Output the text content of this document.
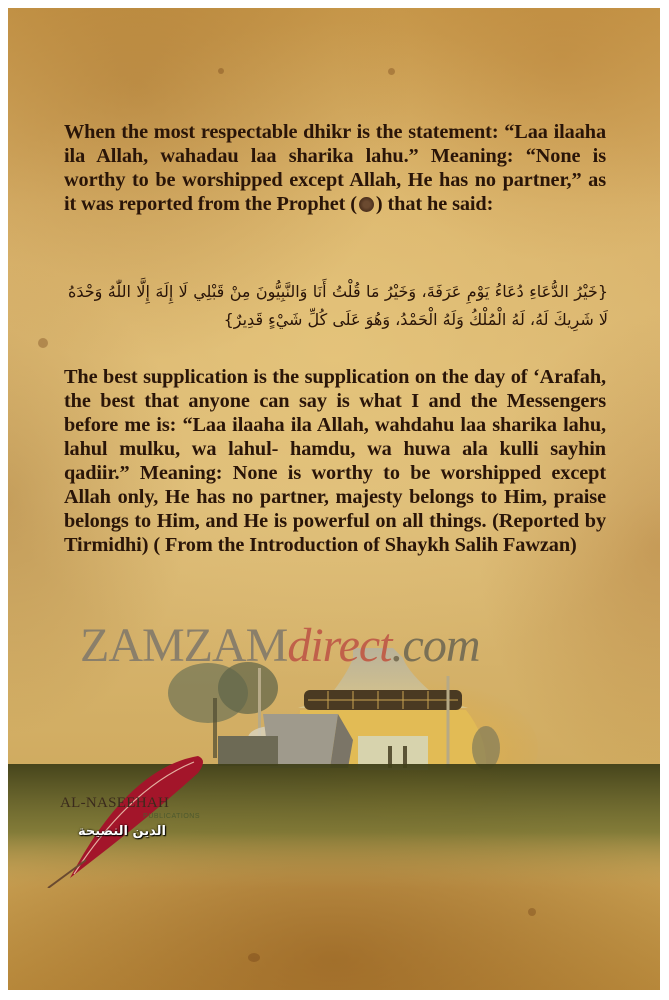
ZAMZAMdirect.com
When the most respectable dhikr is the statement: “Laa ilaaha ila Allah, wahadau laa sharika lahu.” Meaning: “None is worthy to be worshipped except Allah, He has no partner,” as it was reported from the Prophet ( ) that he said:
{خَيْرُ الدُّعَاءِ دُعَاءُ يَوْمِ عَرَفَةَ، وَخَيْرُ مَا قُلْتُ أَنَا وَالنَّبِيُّونَ مِنْ قَبْلِي لَا إِلَهَ إِلَّا اللّٰهُ وَحْدَهُ لَا شَرِيكَ لَهُ، لَهُ الْمُلْكُ وَلَهُ الْحَمْدُ، وَهُوَ عَلَى كُلِّ شَيْءٍ قَدِيرٌ}
The best supplication is the supplication on the day of ‘Arafah, the best that anyone can say is what I and the Messengers before me is: “Laa ilaaha ila Allah, wahdahu laa sharika lahu, lahul mulku, wa lahul- hamdu, wa huwa ala kulli sayhin qadiir.” Meaning: None is worthy to be worshipped except Allah only, He has no partner, majesty belongs to Him, praise belongs to Him, and He is powerful on all things. (Reported by Tirmidhi) ( From the Introduction of Shaykh Salih Fawzan)
AL-NASEEHAH
PUBLICATIONS
الدين النصيحة
